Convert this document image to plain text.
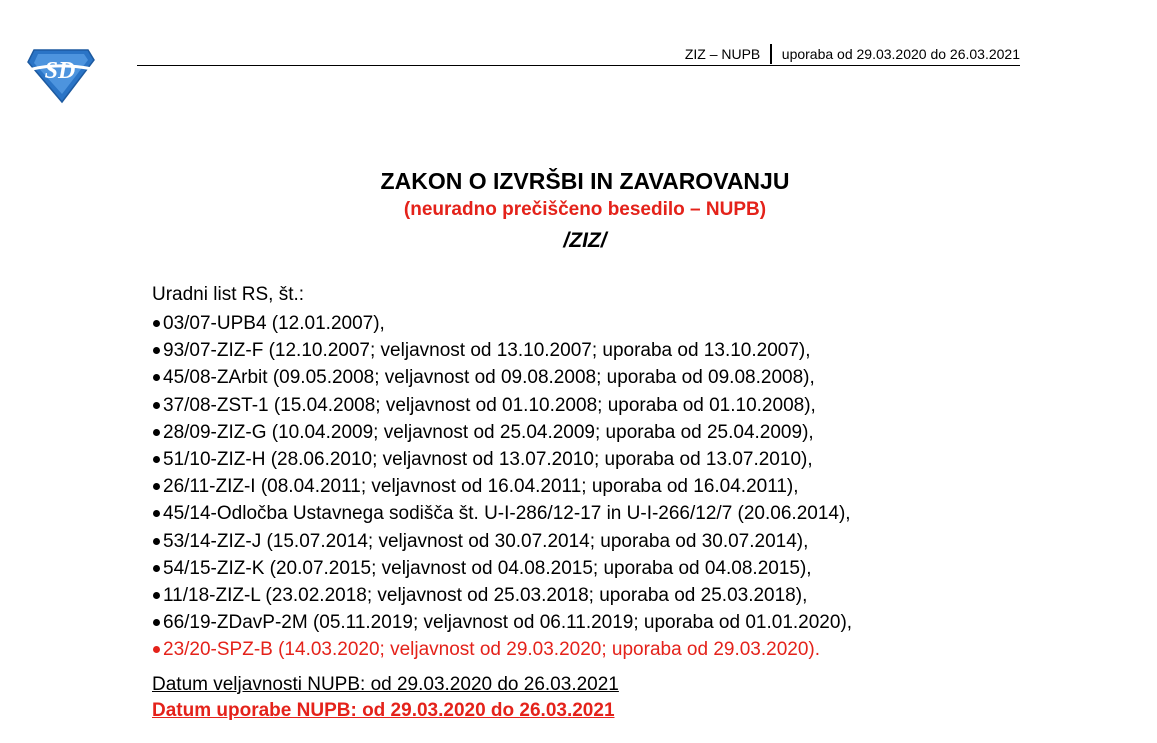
SD
ZIZ – NUPB uporaba od 29.03.2020 do 26.03.2021
ZAKON O IZVRŠBI IN ZAVAROVANJU
(neuradno prečiščeno besedilo – NUPB)
/ZIZ/
Uradni list RS, št.:
03/07-UPB4 (12.01.2007),
93/07-ZIZ-F (12.10.2007; veljavnost od 13.10.2007; uporaba od 13.10.2007),
45/08-ZArbit (09.05.2008; veljavnost od 09.08.2008; uporaba od 09.08.2008),
37/08-ZST-1 (15.04.2008; veljavnost od 01.10.2008; uporaba od 01.10.2008),
28/09-ZIZ-G (10.04.2009; veljavnost od 25.04.2009; uporaba od 25.04.2009),
51/10-ZIZ-H (28.06.2010; veljavnost od 13.07.2010; uporaba od 13.07.2010),
26/11-ZIZ-I (08.04.2011; veljavnost od 16.04.2011; uporaba od 16.04.2011),
45/14-Odločba Ustavnega sodišča št. U-I-286/12-17 in U-I-266/12/7 (20.06.2014),
53/14-ZIZ-J (15.07.2014; veljavnost od 30.07.2014; uporaba od 30.07.2014),
54/15-ZIZ-K (20.07.2015; veljavnost od 04.08.2015; uporaba od 04.08.2015),
11/18-ZIZ-L (23.02.2018; veljavnost od 25.03.2018; uporaba od 25.03.2018),
66/19-ZDavP-2M (05.11.2019; veljavnost od 06.11.2019; uporaba od 01.01.2020),
23/20-SPZ-B (14.03.2020; veljavnost od 29.03.2020; uporaba od 29.03.2020).
Datum veljavnosti NUPB: od 29.03.2020 do 26.03.2021
Datum uporabe NUPB: od 29.03.2020 do 26.03.2021
